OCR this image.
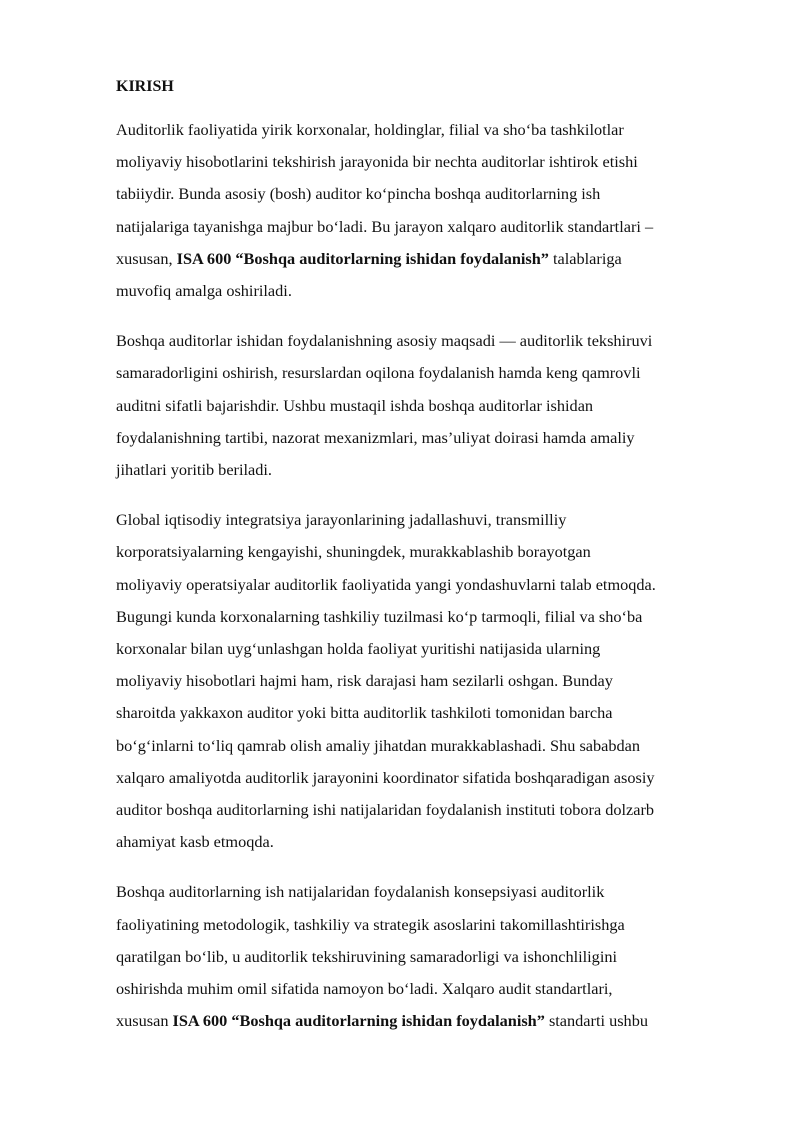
KIRISH

Auditorlik faoliyatida yirik korxonalar, holdinglar, filial va sho‘ba tashkilotlar
moliyaviy hisobotlarini tekshirish jarayonida bir nechta auditorlar ishtirok etishi
tabiiydir. Bunda asosiy (bosh) auditor ko‘pincha boshqa auditorlarning ish
natijalariga tayanishga majbur bo‘ladi. Bu jarayon xalqaro auditorlik standartlari –
xususan, ISA 600 “Boshqa auditorlarning ishidan foydalanish” talablariga
muvofiq amalga oshiriladi.

Boshqa auditorlar ishidan foydalanishning asosiy maqsadi — auditorlik tekshiruvi
samaradorligini oshirish, resurslardan oqilona foydalanish hamda keng qamrovli
auditni sifatli bajarishdir. Ushbu mustaqil ishda boshqa auditorlar ishidan
foydalanishning tartibi, nazorat mexanizmlari, mas’uliyat doirasi hamda amaliy
jihatlari yoritib beriladi.

Global iqtisodiy integratsiya jarayonlarining jadallashuvi, transmilliy
korporatsiyalarning kengayishi, shuningdek, murakkablashib borayotgan
moliyaviy operatsiyalar auditorlik faoliyatida yangi yondashuvlarni talab etmoqda.
Bugungi kunda korxonalarning tashkiliy tuzilmasi ko‘p tarmoqli, filial va sho‘ba
korxonalar bilan uyg‘unlashgan holda faoliyat yuritishi natijasida ularning
moliyaviy hisobotlari hajmi ham, risk darajasi ham sezilarli oshgan. Bunday
sharoitda yakkaxon auditor yoki bitta auditorlik tashkiloti tomonidan barcha
bo‘g‘inlarni to‘liq qamrab olish amaliy jihatdan murakkablashadi. Shu sababdan
xalqaro amaliyotda auditorlik jarayonini koordinator sifatida boshqaradigan asosiy
auditor boshqa auditorlarning ishi natijalaridan foydalanish instituti tobora dolzarb
ahamiyat kasb etmoqda.

Boshqa auditorlarning ish natijalaridan foydalanish konsepsiyasi auditorlik
faoliyatining metodologik, tashkiliy va strategik asoslarini takomillashtirishga
qaratilgan bo‘lib, u auditorlik tekshiruvining samaradorligi va ishonchliligini
oshirishda muhim omil sifatida namoyon bo‘ladi. Xalqaro audit standartlari,
xususan ISA 600 “Boshqa auditorlarning ishidan foydalanish” standarti ushbu
